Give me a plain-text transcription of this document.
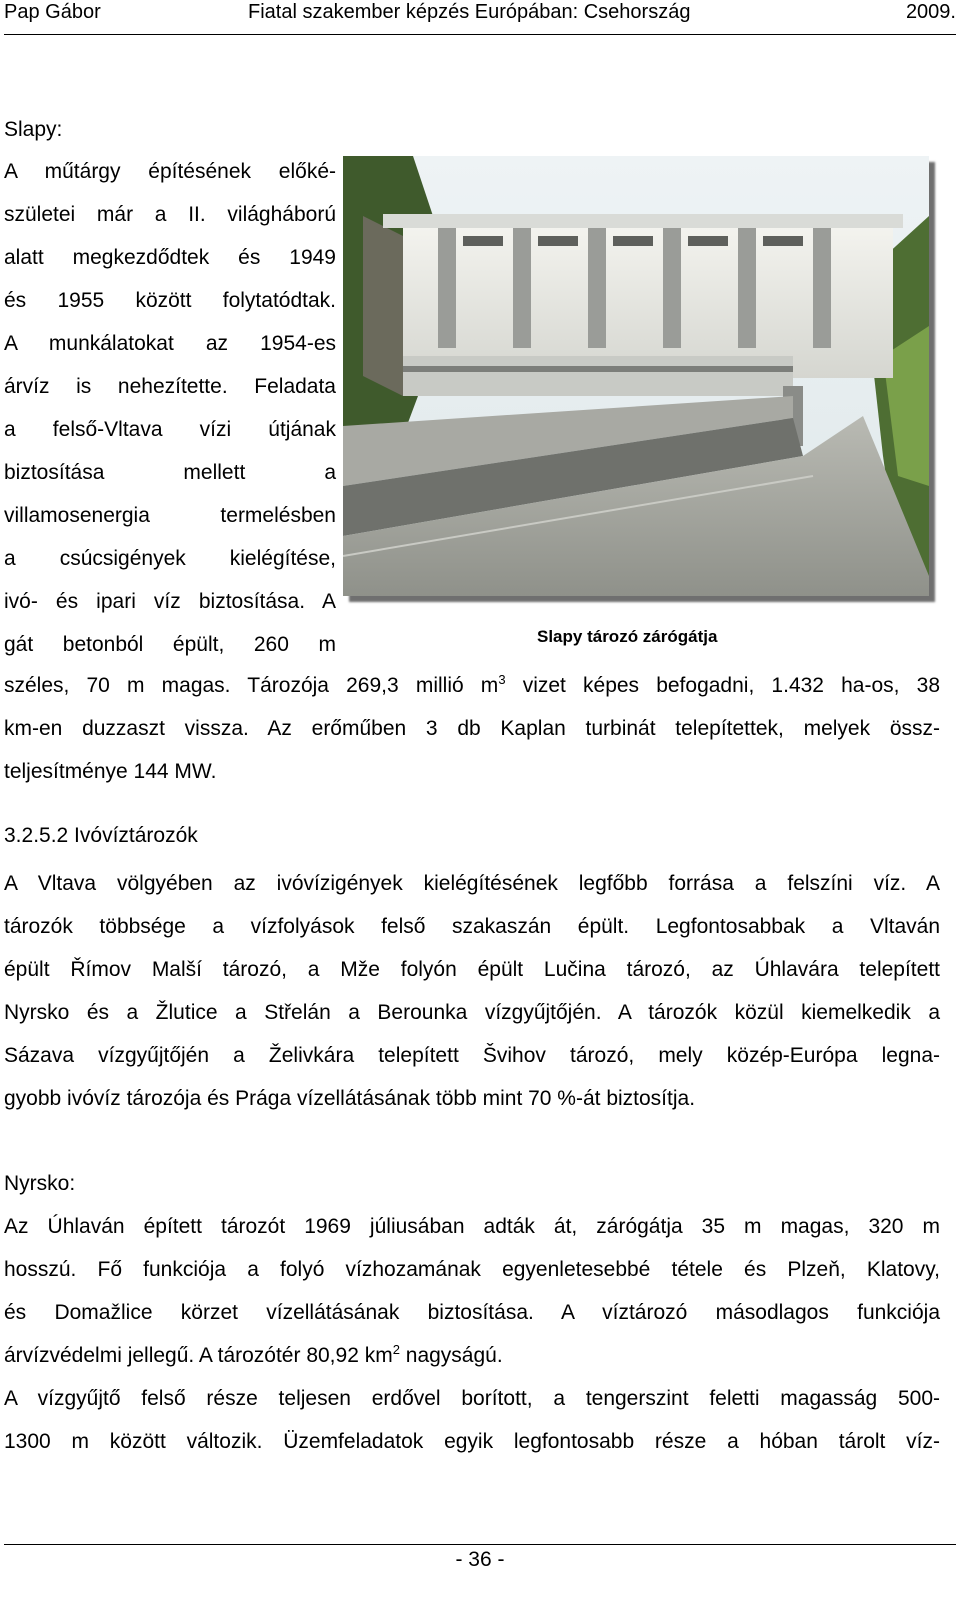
Pap Gábor	Fiatal szakember képzés Európában: Csehország	2009.

Slapy:

A műtárgy építésének előké-
születei már a II. világháború
alatt megkezdődtek és 1949
és 1955 között folytatódtak.
A munkálatokat az 1954-es
árvíz is nehezítette. Feladata
a felső-Vltava vízi útjának
biztosítása mellett a
villamosenergia termelésben
a csúcsigények kielégítése,
ivó- és ipari víz biztosítása. A
gát betonból épült, 260 m	Slapy tározó zárógátja
széles, 70 m magas. Tározója 269,3 millió $m^3$ vizet képes befogadni, 1.432 ha-os, 38
km-en duzzaszt vissza. Az erőműben 3 db Kaplan turbinát telepítettek, melyek össz-
teljesítménye 144 MW.

3.2.5.2 Ivóvíztározók

A Vltava völgyében az ivóvízigények kielégítésének legfőbb forrása a felszíni víz. A
tározók többsége a vízfolyások felső szakaszán épült. Legfontosabbak a Vltaván
épült Římov Malší tározó, a Mže folyón épült Lučina tározó, az Úhlavára telepített
Nyrsko és a Žlutice a Střelán a Berounka vízgyűjtőjén. A tározók közül kiemelkedik a
Sázava vízgyűjtőjén a Želivkára telepített Švihov tározó, mely közép-Európa legna-
gyobb ivóvíz tározója és Prága vízellátásának több mint 70 %-át biztosítja.

Nyrsko:

Az Úhlaván épített tározót 1969 júliusában adták át, zárógátja 35 m magas, 320 m
hosszú. Fő funkciója a folyó vízhozamának egyenletesebbé tétele és Plzeň, Klatovy,
és Domažlice körzet vízellátásának biztosítása. A víztározó másodlagos funkciója
árvízvédelmi jellegű. A tározótér 80,92 $km^2$ nagyságú.
A vízgyűjtő felső része teljesen erdővel borított, a tengerszint feletti magasság 500-
1300 m között változik. Üzemfeladatok egyik legfontosabb része a hóban tárolt víz-
- 36 -
